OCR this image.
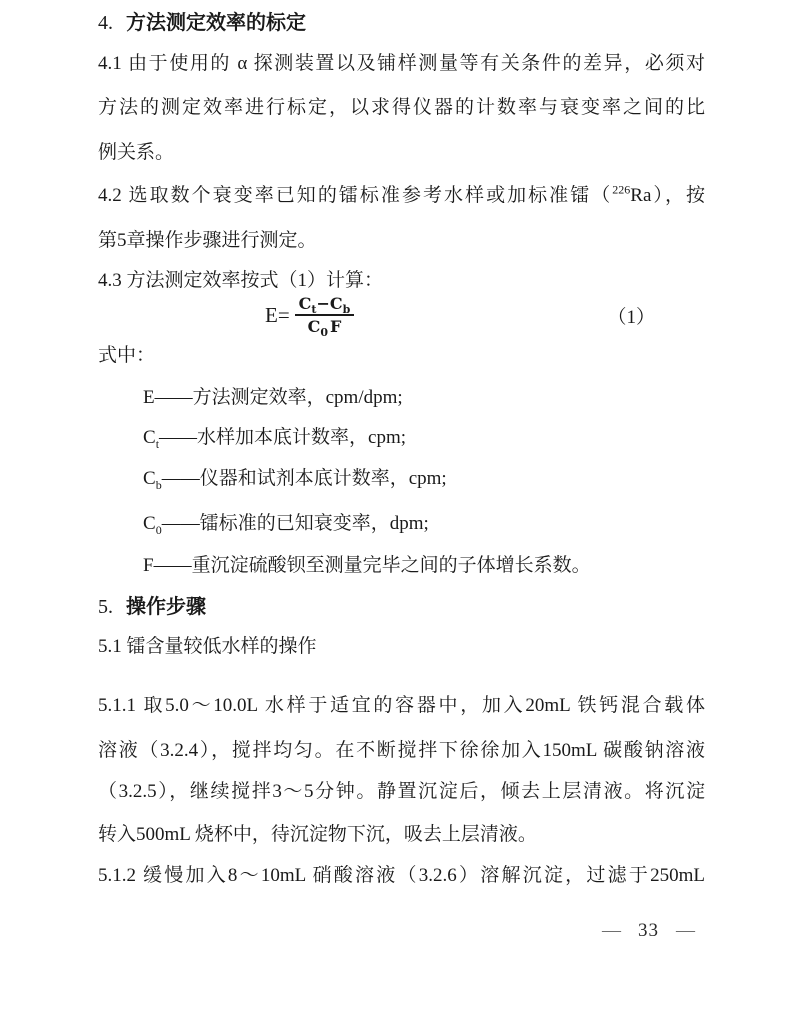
4. 方法测定效率的标定
4.1 由于使用的 α 探测装置以及铺样测量等有关条件的差异，必须对
方法的测定效率进行标定，以求得仪器的计数率与衰变率之间的比
例关系。
4.2 选取数个衰变率已知的镭标准参考水样或加标准镭（$^{226}$Ra），按
第5章操作步骤进行测定。
4.3 方法测定效率按式（1）计算：
$E= \frac{C_t-C_b}{C_0 F}$	（1）
式中：
E——方法测定效率，cpm/dpm;
$C_t——$水样加本底计数率，cpm;
$C_b——$仪器和试剂本底计数率，cpm;
$C_0——$镭标准的已知衰变率，dpm;
F——重沉淀硫酸钡至测量完毕之间的子体增长系数。
5. 操作步骤
5.1 镭含量较低水样的操作
5.1.1 取5.0～10.0L 水样于适宜的容器中，加入20mL 铁钙混合载体
溶液（3.2.4），搅拌均匀。在不断搅拌下徐徐加入150mL 碳酸钠溶液
（3.2.5），继续搅拌3～5分钟。静置沉淀后，倾去上层清液。将沉淀
转入500mL 烧杯中，待沉淀物下沉，吸去上层清液。
5.1.2 缓慢加入8～10mL 硝酸溶液（3.2.6）溶解沉淀，过滤于250mL
— 33 —
